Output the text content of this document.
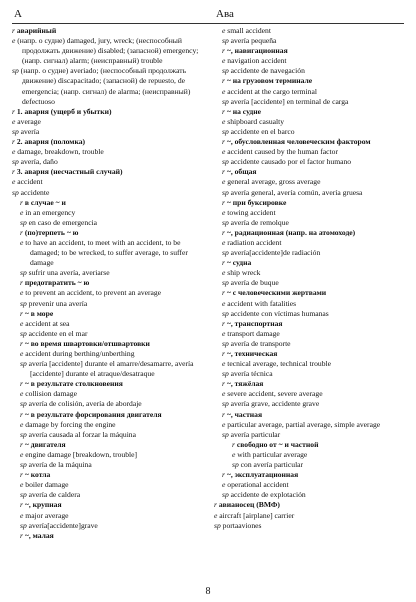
А	Ава

r аварийный

e (напр. о судне) damaged, jury, wreck; (неспособный продолжать движение) disabled; (запасной) emergency; (напр. сигнал) alarm; (неисправный) trouble

sp (напр. о судне) averiado; (неспособный продолжать движение) discapacitado; (запасной) de repuesto, de emergencia; (напр. сигнал) de alarma; (неисправный) defectuoso

r 1. авария (ущерб и убытки)

e average

sp avería

r 2. авария (поломка)

e damage, breakdown, trouble

sp avería, daño

r 3. авария (несчастный случай)

e accident

sp accidente

r в случае ~ и

e in an emergency

sp en caso de emergencia

r (по)терпеть ~ ю

e to have an accident, to meet with an accident, to be damaged; to be wrecked, to suffer average, to suffer damage

sp sufrir una avería, averiarse

r предотвратить ~ ю

e to prevent an accident, to prevent an average

sp prevenir una avería

r ~ в море

e accident at sea

sp accidente en el mar

r ~ во время швартовки/отшвартовки

e accident during berthing/unberthing

sp avería [accidente] durante el amarre/desamarre, avería [accidente] durante el atraque/desatraque

r ~ в результате столкновения

e collision damage

sp avería de colisión, avería de abordaje

r ~ в результате форсирования двигателя

e damage by forcing the engine

sp avería causada al forzar la máquina

r ~ двигателя

e engine damage [breakdown, trouble]

sp avería de la máquina

r ~ котла

e boiler damage

sp avería de caldera

r ~, крупная

e major average

sp avería[accidente]grave

r ~, малая

e small accident

sp avería pequeña

r ~, навигационная

e navigation accident

sp accidente de navegación

r ~ на грузовом терминале

e accident at the cargo terminal

sp avería [accidente] en terminal de carga

r ~ на судне

e shipboard casualty

sp accidente en el barco

r ~, обусловленная человеческим фактором

e accident caused by the human factor

sp accidente causado por el factor humano

r ~, общая

e general average, gross average

sp avería general, avería común, avería gruesa

r ~ при буксировке

e towing accident

sp avería de remolque

r ~, радиационная (напр. на атомоходе)

e radiation accident

sp avería[accidente]de radiación

r ~ судна

e ship wreck

sp avería de buque

r ~ с человеческими жертвами

e accident with fatalities

sp accidente con víctimas humanas

r ~, транспортная

e transport damage

sp avería de transporte

r ~, техническая

e tecnical average, technical trouble

sp avería técnica

r ~, тяжёлая

e severe accident, severe average

sp avería grave, accidente grave

r ~, частная

e particular average, partial average, simple average

sp avería particular

r свободно от ~ и частной

e with particular average

sp con avería particular

r ~, эксплуатационная

e operational accident

sp accidente de explotación

r авианосец (ВМФ)

e aircraft [airplane] carrier

sp portaaviones

8
